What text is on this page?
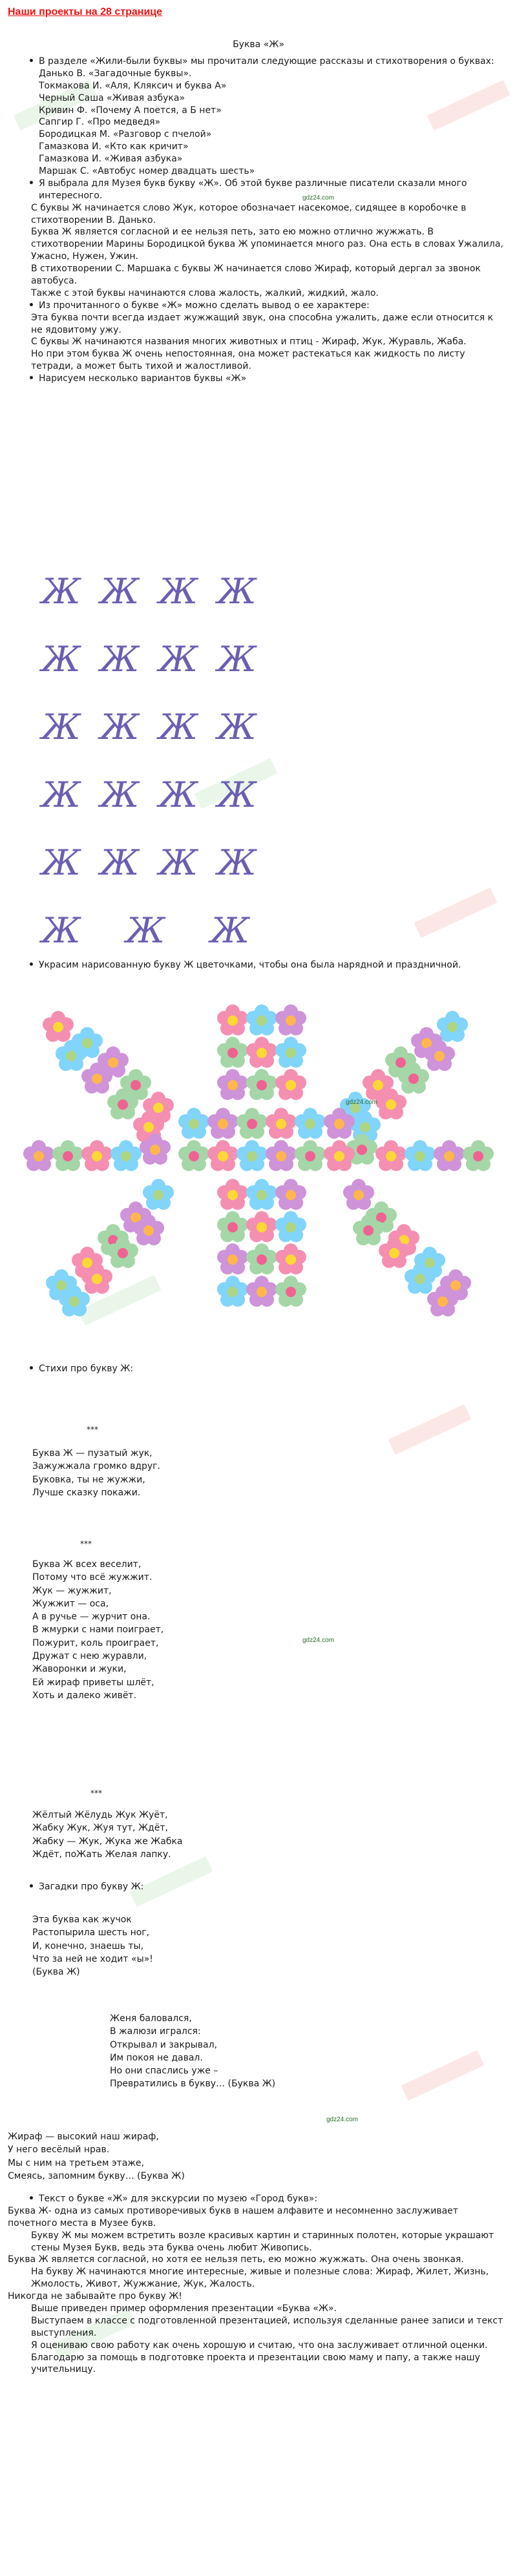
Наши проекты на 28 странице
Буква «Ж»

• В разделе «Жили-были буквы» мы прочитали следующие рассказы и стихотворения о буквах:

Данько В. «Загадочные буквы».

Токмакова И. «Аля, Кляксич и буква А»

Черный Саша «Живая азбука»

Кривин Ф. «Почему А поется, а Б нет»

Сапгир Г. «Про медведя»

Бородицкая М. «Разговор с пчелой»

Гамазкова И. «Кто как кричит»

Гамазкова И. «Живая азбука»

Маршак С. «Автобус номер двадцать шесть»

• Я выбрала для Музея букв букву «Ж». Об этой букве различные писатели сказали много интересного.

С буквы Ж начинается слово Жук, которое обозначает насекомое, сидящее в коробочке в стихотворении В. Данько.

Буква Ж является согласной и ее нельзя петь, зато ею можно отлично жужжать. В стихотворении Марины Бородицкой буква Ж упоминается много раз. Она есть в словах Ужалила, Ужасно, Нужен, Ужин.

В стихотворении С. Маршака с буквы Ж начинается слово Жираф, который дергал за звонок автобуса.

Также с этой буквы начинаются слова жалость, жалкий, жидкий, жало.

• Из прочитанного о букве «Ж» можно сделать вывод о ее характере:

Эта буква почти всегда издает жужжащий звук, она способна ужалить, даже если относится к не ядовитому ужу.

С буквы Ж начинаются названия многих животных и птиц - Жираф, Жук, Журавль, Жаба.

Но при этом буква Ж очень непостоянная, она может растекаться как жидкость по листу тетради, а может быть тихой и жалостливой.

• Нарисуем несколько вариантов буквы «Ж»

gdz24.com
ЖЖЖЖ
ЖЖЖЖ
ЖЖЖЖ
ЖЖЖЖ
ЖЖЖЖ
ЖЖЖ

• Украсим нарисованную букву Ж цветочками, чтобы она была нарядной и праздничной.

gdz24.com

• Стихи про букву Ж:

***

Буква Ж — пузатый жук,

Зажужжала громко вдруг.

Буковка, ты не жужжи,

Лучше сказку покажи.

***

Буква Ж всех веселит,

Потому что всё жужжит.

Жук — жужжит,

Жужжит — оса,

А в ручье — журчит она.

В жмурки с нами поиграет,

Пожурит, коль проиграет,

Дружат с нею журавли,

Жаворонки и жуки,

Ей жираф приветы шлёт,

Хоть и далеко живёт.

gdz24.com
***

Жёлтый Жёлудь Жук Жуёт,

Жабку Жук, Жуя тут, Ждёт,

Жабку — Жук, Жука же Жабка

Ждёт, поЖать Желая лапку.

• Загадки про букву Ж:

Эта буква как жучок

Растопырила шесть ног,

И, конечно, знаешь ты,

Что за ней не ходит «ы»!

(Буква Ж)

Женя баловался,

В жалюзи игрался:

Открывал и закрывал,

Им покоя не давал.

Но они спаслись уже –

Превратились в букву… (Буква Ж)

gdz24.com

Жираф — высокий наш жираф,

У него весёлый нрав.

Мы с ним на третьем этаже,

Смеясь, запомним букву… (Буква Ж)

• Текст о букве «Ж» для экскурсии по музею «Город букв»:

Буква Ж- одна из самых противоречивых букв в нашем алфавите и несомненно заслуживает почетного места в Музее букв.

Букву Ж мы можем встретить возле красивых картин и старинных полотен, которые украшают стены Музея Букв, ведь эта буква очень любит Живопись.

Буква Ж является согласной, но хотя ее нельзя петь, ею можно жужжать. Она очень звонкая.

На букву Ж начинаются многие интересные, живые и полезные слова: Жираф, Жилет, Жизнь, Жмолость, Живот, Жужжание, Жук, Жалость.

Никогда не забывайте про букву Ж!

Выше приведен пример оформления презентации «Буква «Ж».

Выступаем в классе с подготовленной презентацией, используя сделанные ранее записи и текст выступления.

Я оцениваю свою работу как очень хорошую и считаю, что она заслуживает отличной оценки.

Благодарю за помощь в подготовке проекта и презентации свою маму и папу, а также нашу учительницу.
